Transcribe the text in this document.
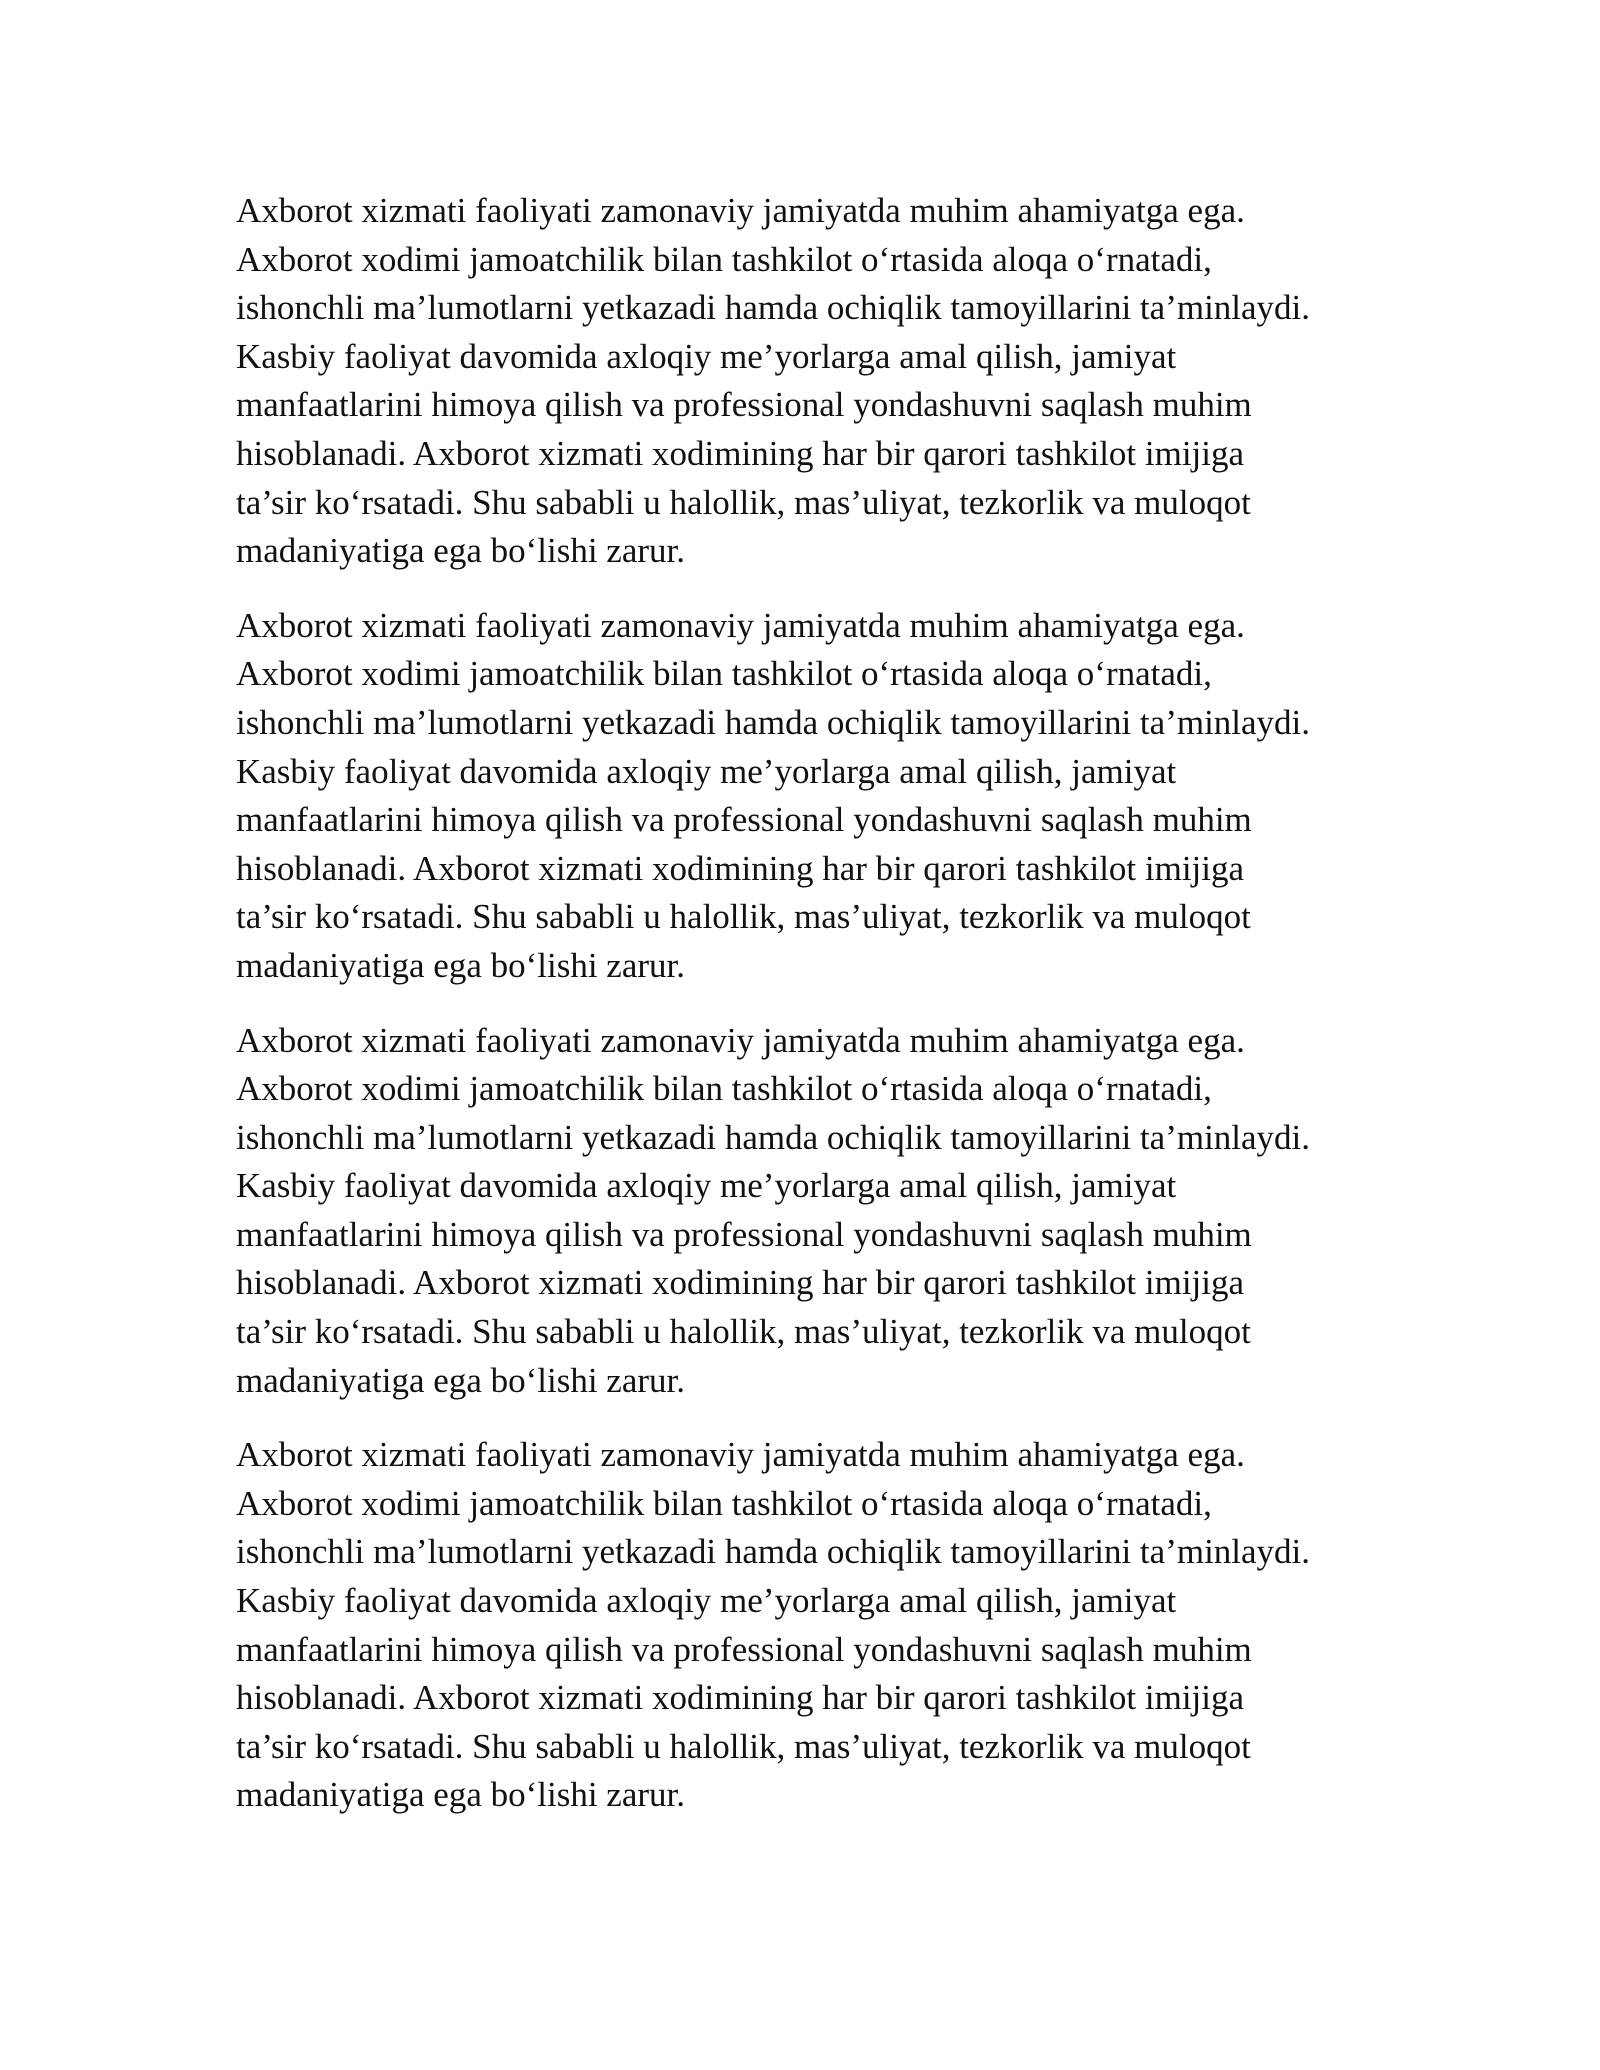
Axborot xizmati faoliyati zamonaviy jamiyatda muhim ahamiyatga ega.
Axborot xodimi jamoatchilik bilan tashkilot o‘rtasida aloqa o‘rnatadi,
ishonchli ma’lumotlarni yetkazadi hamda ochiqlik tamoyillarini ta’minlaydi.
Kasbiy faoliyat davomida axloqiy me’yorlarga amal qilish, jamiyat
manfaatlarini himoya qilish va professional yondashuvni saqlash muhim
hisoblanadi. Axborot xizmati xodimining har bir qarori tashkilot imijiga
ta’sir ko‘rsatadi. Shu sababli u halollik, mas’uliyat, tezkorlik va muloqot
madaniyatiga ega bo‘lishi zarur.

Axborot xizmati faoliyati zamonaviy jamiyatda muhim ahamiyatga ega.
Axborot xodimi jamoatchilik bilan tashkilot o‘rtasida aloqa o‘rnatadi,
ishonchli ma’lumotlarni yetkazadi hamda ochiqlik tamoyillarini ta’minlaydi.
Kasbiy faoliyat davomida axloqiy me’yorlarga amal qilish, jamiyat
manfaatlarini himoya qilish va professional yondashuvni saqlash muhim
hisoblanadi. Axborot xizmati xodimining har bir qarori tashkilot imijiga
ta’sir ko‘rsatadi. Shu sababli u halollik, mas’uliyat, tezkorlik va muloqot
madaniyatiga ega bo‘lishi zarur.

Axborot xizmati faoliyati zamonaviy jamiyatda muhim ahamiyatga ega.
Axborot xodimi jamoatchilik bilan tashkilot o‘rtasida aloqa o‘rnatadi,
ishonchli ma’lumotlarni yetkazadi hamda ochiqlik tamoyillarini ta’minlaydi.
Kasbiy faoliyat davomida axloqiy me’yorlarga amal qilish, jamiyat
manfaatlarini himoya qilish va professional yondashuvni saqlash muhim
hisoblanadi. Axborot xizmati xodimining har bir qarori tashkilot imijiga
ta’sir ko‘rsatadi. Shu sababli u halollik, mas’uliyat, tezkorlik va muloqot
madaniyatiga ega bo‘lishi zarur.

Axborot xizmati faoliyati zamonaviy jamiyatda muhim ahamiyatga ega.
Axborot xodimi jamoatchilik bilan tashkilot o‘rtasida aloqa o‘rnatadi,
ishonchli ma’lumotlarni yetkazadi hamda ochiqlik tamoyillarini ta’minlaydi.
Kasbiy faoliyat davomida axloqiy me’yorlarga amal qilish, jamiyat
manfaatlarini himoya qilish va professional yondashuvni saqlash muhim
hisoblanadi. Axborot xizmati xodimining har bir qarori tashkilot imijiga
ta’sir ko‘rsatadi. Shu sababli u halollik, mas’uliyat, tezkorlik va muloqot
madaniyatiga ega bo‘lishi zarur.
